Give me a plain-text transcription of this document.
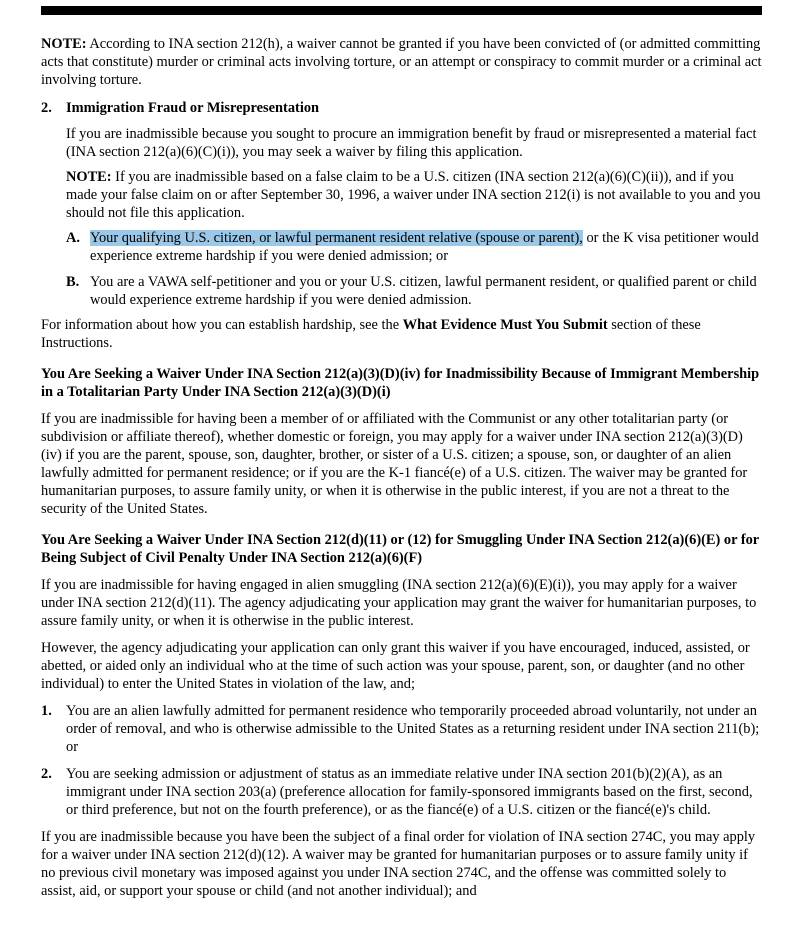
NOTE: According to INA section 212(h), a waiver cannot be granted if you have been convicted of (or admitted committing acts that constitute) murder or criminal acts involving torture, or an attempt or conspiracy to commit murder or a criminal act involving torture.

2. Immigration Fraud or Misrepresentation

If you are inadmissible because you sought to procure an immigration benefit by fraud or misrepresented a material fact (INA section 212(a)(6)(C)(i)), you may seek a waiver by filing this application.

NOTE: If you are inadmissible based on a false claim to be a U.S. citizen (INA section 212(a)(6)(C)(ii)), and if you made your false claim on or after September 30, 1996, a waiver under INA section 212(i) is not available to you and you should not file this application.

A. Your qualifying U.S. citizen, or lawful permanent resident relative (spouse or parent), or the K visa petitioner would experience extreme hardship if you were denied admission; or
B. You are a VAWA self-petitioner and you or your U.S. citizen, lawful permanent resident, or qualified parent or child would experience extreme hardship if you were denied admission.

For information about how you can establish hardship, see the What Evidence Must You Submit section of these Instructions.

You Are Seeking a Waiver Under INA Section 212(a)(3)(D)(iv) for Inadmissibility Because of Immigrant Membership in a Totalitarian Party Under INA Section 212(a)(3)(D)(i)

If you are inadmissible for having been a member of or affiliated with the Communist or any other totalitarian party (or subdivision or affiliate thereof), whether domestic or foreign, you may apply for a waiver under INA section 212(a)(3)(D)(iv) if you are the parent, spouse, son, daughter, brother, or sister of a U.S. citizen; a spouse, son, or daughter of an alien lawfully admitted for permanent residence; or if you are the K-1 fiancé(e) of a U.S. citizen. The waiver may be granted for humanitarian purposes, to assure family unity, or when it is otherwise in the public interest, if you are not a threat to the security of the United States.

You Are Seeking a Waiver Under INA Section 212(d)(11) or (12) for Smuggling Under INA Section 212(a)(6)(E) or for Being Subject of Civil Penalty Under INA Section 212(a)(6)(F)

If you are inadmissible for having engaged in alien smuggling (INA section 212(a)(6)(E)(i)), you may apply for a waiver under INA section 212(d)(11). The agency adjudicating your application may grant the waiver for humanitarian purposes, to assure family unity, or when it is otherwise in the public interest.

However, the agency adjudicating your application can only grant this waiver if you have encouraged, induced, assisted, or abetted, or aided only an individual who at the time of such action was your spouse, parent, son, or daughter (and no other individual) to enter the United States in violation of the law, and;

1. You are an alien lawfully admitted for permanent residence who temporarily proceeded abroad voluntarily, not under an order of removal, and who is otherwise admissible to the United States as a returning resident under INA section 211(b); or
2. You are seeking admission or adjustment of status as an immediate relative under INA section 201(b)(2)(A), as an immigrant under INA section 203(a) (preference allocation for family-sponsored immigrants based on the first, second, or third preference, but not on the fourth preference), or as the fiancé(e) of a U.S. citizen or the fiancé(e)'s child.

If you are inadmissible because you have been the subject of a final order for violation of INA section 274C, you may apply for a waiver under INA section 212(d)(12). A waiver may be granted for humanitarian purposes or to assure family unity if no previous civil monetary was imposed against you under INA section 274C, and the offense was committed solely to assist, aid, or support your spouse or child (and not another individual); and
